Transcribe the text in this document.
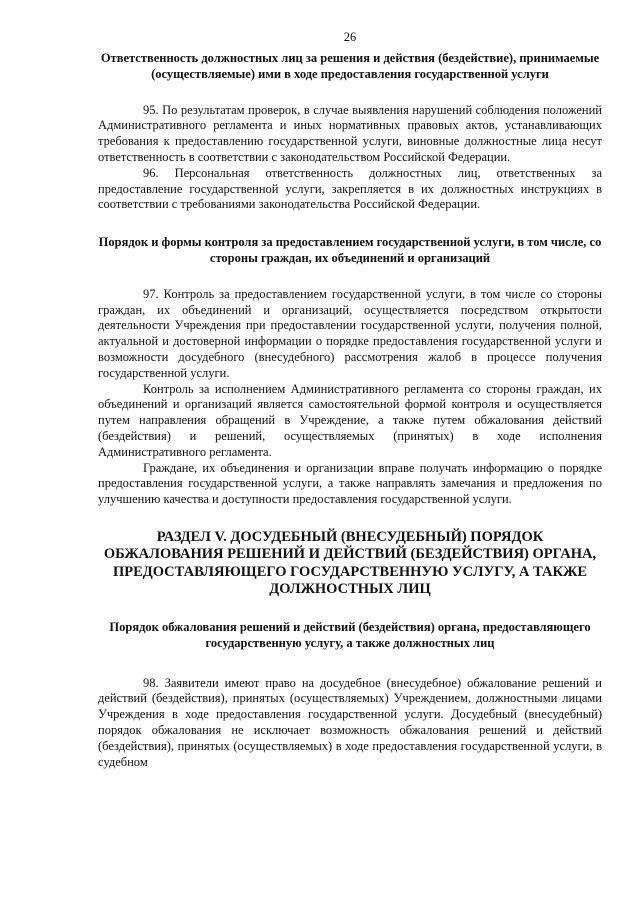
26
Ответственность должностных лиц за решения и действия (бездействие), принимаемые (осуществляемые) ими в ходе предоставления государственной услуги

95. По результатам проверок, в случае выявления нарушений соблюдения положений Административного регламента и иных нормативных правовых актов, устанавливающих требования к предоставлению государственной услуги, виновные должностные лица несут ответственность в соответствии с законодательством Российской Федерации.

96. Персональная ответственность должностных лиц, ответственных за предоставление государственной услуги, закрепляется в их должностных инструкциях в соответствии с требованиями законодательства Российской Федерации.

Порядок и формы контроля за предоставлением государственной услуги, в том числе, со стороны граждан, их объединений и организаций

97. Контроль за предоставлением государственной услуги, в том числе со стороны граждан, их объединений и организаций, осуществляется посредством открытости деятельности Учреждения при предоставлении государственной услуги, получения полной, актуальной и достоверной информации о порядке предоставления государственной услуги и возможности досудебного (внесудебного) рассмотрения жалоб в процессе получения государственной услуги.

Контроль за исполнением Административного регламента со стороны граждан, их объединений и организаций является самостоятельной формой контроля и осуществляется путем направления обращений в Учреждение, а также путем обжалования действий (бездействия) и решений, осуществляемых (принятых) в ходе исполнения Административного регламента.

Граждане, их объединения и организации вправе получать информацию о порядке предоставления государственной услуги, а также направлять замечания и предложения по улучшению качества и доступности предоставления государственной услуги.

РАЗДЕЛ V. ДОСУДЕБНЫЙ (ВНЕСУДЕБНЫЙ) ПОРЯДОК ОБЖАЛОВАНИЯ РЕШЕНИЙ И ДЕЙСТВИЙ (БЕЗДЕЙСТВИЯ) ОРГАНА, ПРЕДОСТАВЛЯЮЩЕГО ГОСУДАРСТВЕННУЮ УСЛУГУ, А ТАКЖЕ ДОЛЖНОСТНЫХ ЛИЦ
Порядок обжалования решений и действий (бездействия) органа, предоставляющего государственную услугу, а также должностных лиц

98. Заявители имеют право на досудебное (внесудебное) обжалование решений и действий (бездействия), принятых (осуществляемых) Учреждением, должностными лицами Учреждения в ходе предоставления государственной услуги. Досудебный (внесудебный) порядок обжалования не исключает возможность обжалования решений и действий (бездействия), принятых (осуществляемых) в ходе предоставления государственной услуги, в судебном
